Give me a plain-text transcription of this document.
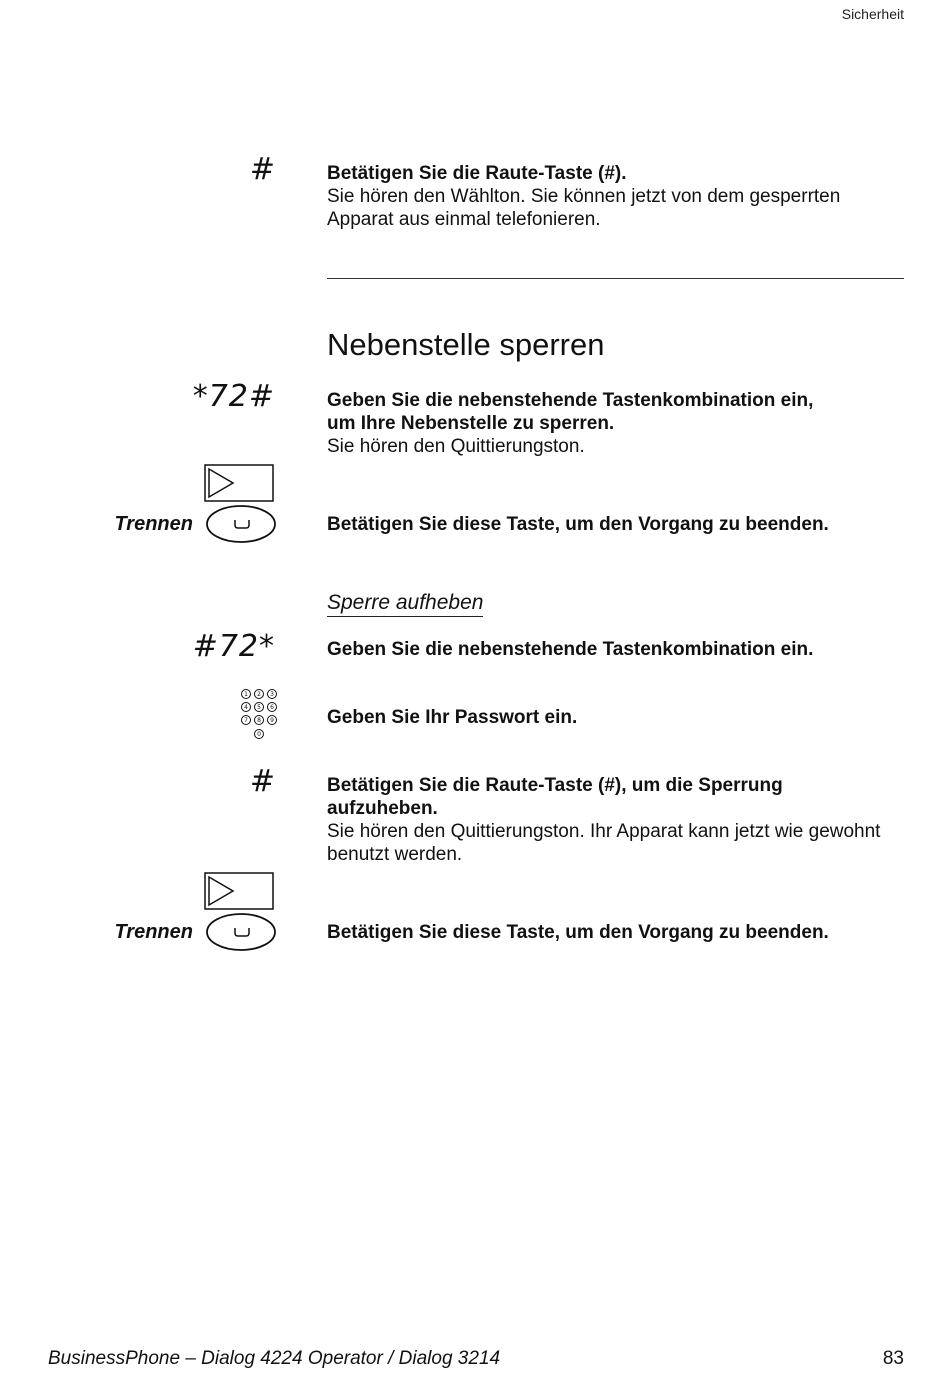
Sicherheit
#	Betätigen Sie die Raute-Taste (#).
Sie hören den Wählton. Sie können jetzt von dem gesperrten
Apparat aus einmal telefonieren.
Nebenstelle sperren
*72#	Geben Sie die nebenstehende Tastenkombination ein,
um Ihre Nebenstelle zu sperren.
Sie hören den Quittierungston.
Trennen	Betätigen Sie diese Taste, um den Vorgang zu beenden.
Sperre aufheben
#72*	Geben Sie die nebenstehende Tastenkombination ein.
1 2 3
4 5 6
7 8 9
0
Geben Sie Ihr Passwort ein.
#	Betätigen Sie die Raute-Taste (#), um die Sperrung
aufzuheben.
Sie hören den Quittierungston. Ihr Apparat kann jetzt wie gewohnt
benutzt werden.
Trennen	Betätigen Sie diese Taste, um den Vorgang zu beenden.
BusinessPhone – Dialog 4224 Operator / Dialog 3214	83
